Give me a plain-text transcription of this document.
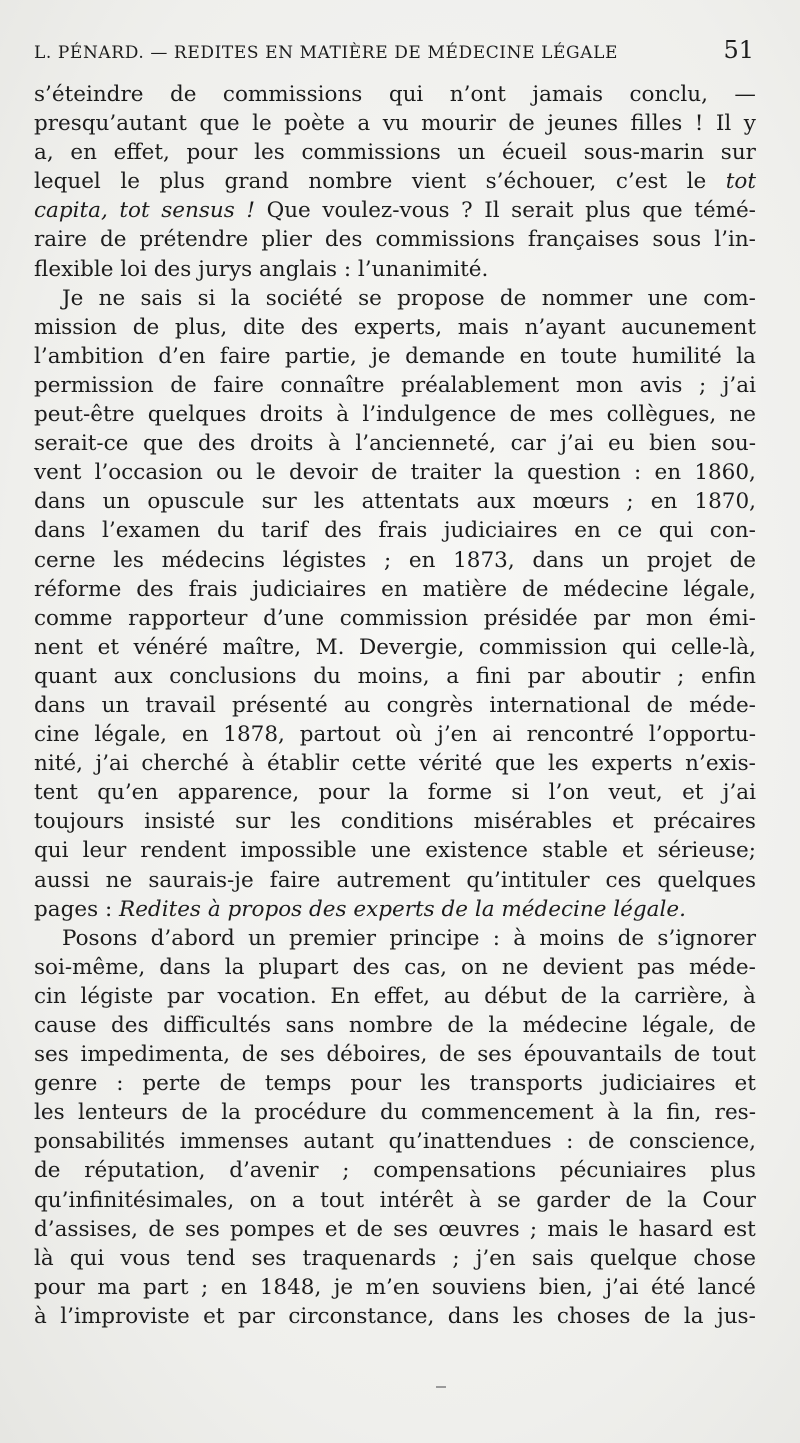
L. PÉNARD. — REDITES EN MATIÈRE DE MÉDECINE LÉGALE	51
s’éteindre de commissions qui n’ont jamais conclu, —
presqu’autant que le poète a vu mourir de jeunes filles ! Il y
a, en effet, pour les commissions un écueil sous-marin sur
lequel le plus grand nombre vient s’échouer, c’est le tot
capita, tot sensus ! Que voulez-vous ? Il serait plus que témé-
raire de prétendre plier des commissions françaises sous l’in-
flexible loi des jurys anglais : l’unanimité.
Je ne sais si la société se propose de nommer une com-
mission de plus, dite des experts, mais n’ayant aucunement
l’ambition d’en faire partie, je demande en toute humilité la
permission de faire connaître préalablement mon avis ; j’ai
peut-être quelques droits à l’indulgence de mes collègues, ne
serait-ce que des droits à l’ancienneté, car j’ai eu bien sou-
vent l’occasion ou le devoir de traiter la question : en 1860,
dans un opuscule sur les attentats aux mœurs ; en 1870,
dans l’examen du tarif des frais judiciaires en ce qui con-
cerne les médecins légistes ; en 1873, dans un projet de
réforme des frais judiciaires en matière de médecine légale,
comme rapporteur d’une commission présidée par mon émi-
nent et vénéré maître, M. Devergie, commission qui celle-là,
quant aux conclusions du moins, a fini par aboutir ; enfin
dans un travail présenté au congrès international de méde-
cine légale, en 1878, partout où j’en ai rencontré l’opportu-
nité, j’ai cherché à établir cette vérité que les experts n’exis-
tent qu’en apparence, pour la forme si l’on veut, et j’ai
toujours insisté sur les conditions misérables et précaires
qui leur rendent impossible une existence stable et sérieuse;
aussi ne saurais-je faire autrement qu’intituler ces quelques
pages : Redites à propos des experts de la médecine légale.
Posons d’abord un premier principe : à moins de s’ignorer
soi-même, dans la plupart des cas, on ne devient pas méde-
cin légiste par vocation. En effet, au début de la carrière, à
cause des difficultés sans nombre de la médecine légale, de
ses impedimenta, de ses déboires, de ses épouvantails de tout
genre : perte de temps pour les transports judiciaires et
les lenteurs de la procédure du commencement à la fin, res-
ponsabilités immenses autant qu’inattendues : de conscience,
de réputation, d’avenir ; compensations pécuniaires plus
qu’infinitésimales, on a tout intérêt à se garder de la Cour
d’assises, de ses pompes et de ses œuvres ; mais le hasard est
là qui vous tend ses traquenards ; j’en sais quelque chose
pour ma part ; en 1848, je m’en souviens bien, j’ai été lancé
à l’improviste et par circonstance, dans les choses de la jus-
